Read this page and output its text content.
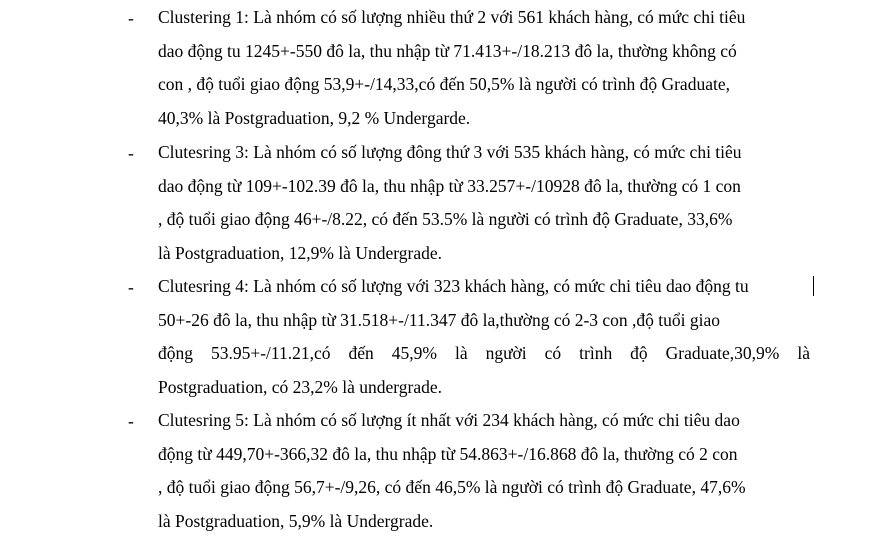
- Clustering 1: Là nhóm có số lượng nhiều thứ 2 với 561 khách hàng, có mức chi tiêu
dao động tu 1245+-550 đô la, thu nhập từ 71.413+-/18.213 đô la, thường không có
con , độ tuổi giao động 53,9+-/14,33,có đến 50,5% là người có trình độ Graduate,
40,3% là Postgraduation, 9,2 % Undergarde.
- Clutesring 3: Là nhóm có số lượng đông thứ 3 với 535 khách hàng, có mức chi tiêu
dao động từ 109+-102.39 đô la, thu nhập từ 33.257+-/10928 đô la, thường có 1 con
, độ tuổi giao động 46+-/8.22, có đến 53.5% là người có trình độ Graduate, 33,6%
là Postgraduation, 12,9% là Undergrade.
- Clutesring 4: Là nhóm có số lượng với 323 khách hàng, có mức chi tiêu dao động tu
50+-26 đô la, thu nhập từ 31.518+-/11.347 đô la,thường có 2-3 con ,độ tuổi giao
động 53.95+-/11.21,có đến 45,9% là người có trình độ Graduate,30,9% là
Postgraduation, có 23,2% là undergrade.
- Clutesring 5: Là nhóm có số lượng ít nhất với 234 khách hàng, có mức chi tiêu dao
động từ 449,70+-366,32 đô la, thu nhập từ 54.863+-/16.868 đô la, thường có 2 con
, độ tuổi giao động 56,7+-/9,26, có đến 46,5% là người có trình độ Graduate, 47,6%
là Postgraduation, 5,9% là Undergrade.
